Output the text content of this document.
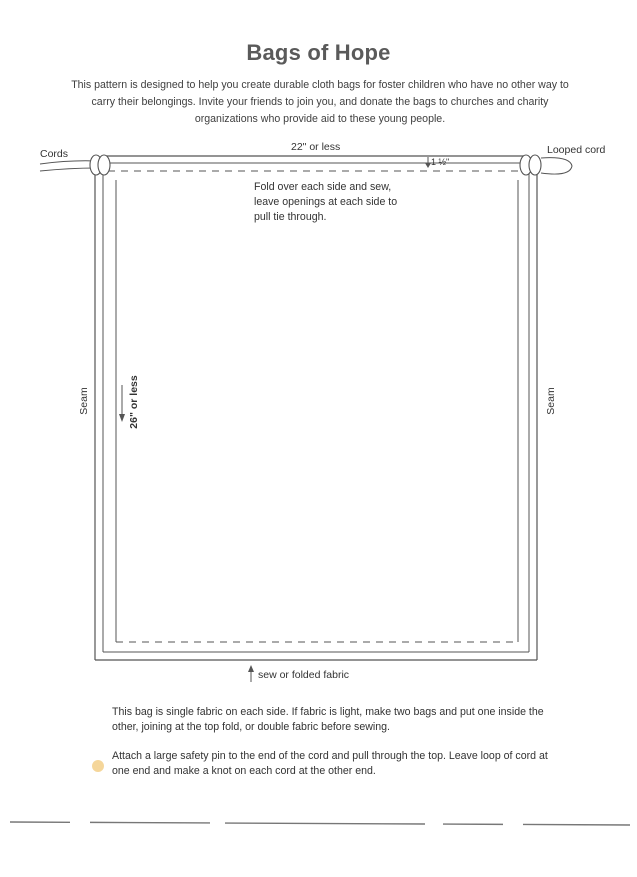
Bags of Hope
This pattern is designed to help you create durable cloth bags for foster children who have no other way to carry their belongings. Invite your friends to join you, and donate the bags to churches and charity organizations who provide aid to these young people.
Cords	Looped cord
22" or less
1 ½"
Fold over each side and sew, leave openings at each side to pull tie through.
Seam	Seam
26" or less
sew or folded fabric
This bag is single fabric on each side. If fabric is light, make two bags and put one inside the other, joining at the top fold, or double fabric before sewing.
Attach a large safety pin to the end of the cord and pull through the top. Leave loop of cord at one end and make a knot on each cord at the other end.
